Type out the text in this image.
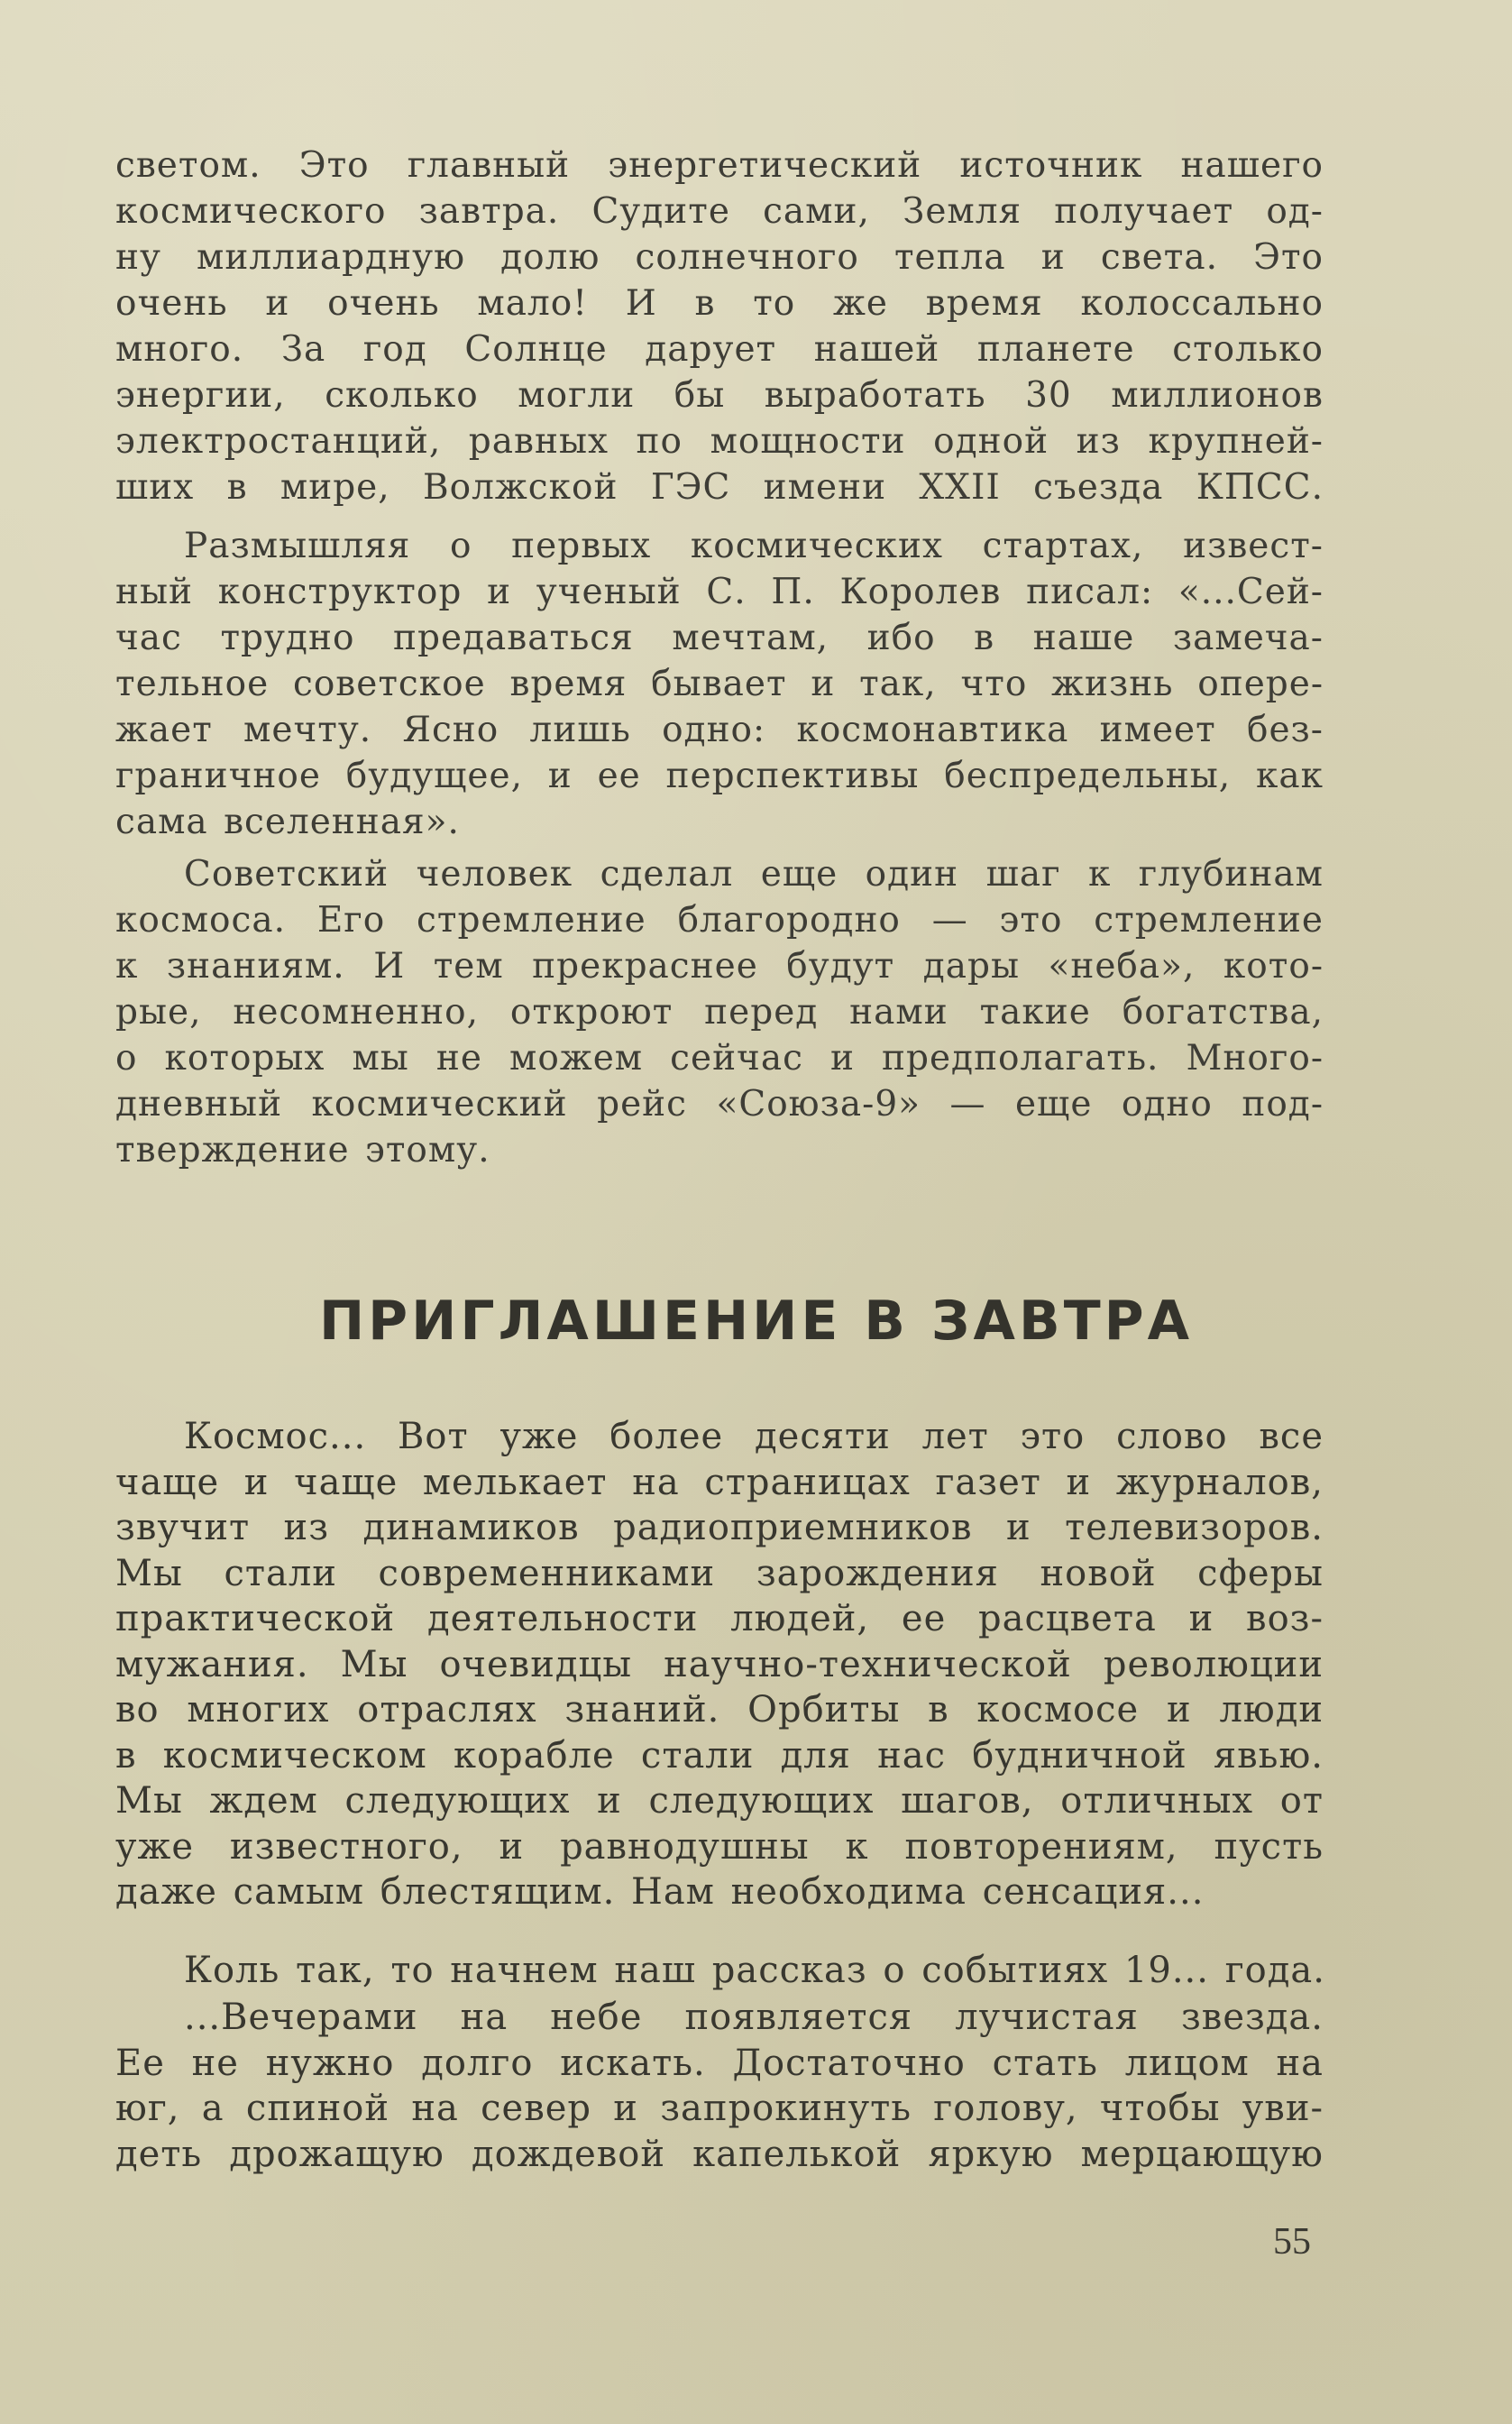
светом. Это главный энергетический источник нашего
космического завтра. Судите сами, Земля получает од-
ну миллиардную долю солнечного тепла и света. Это
очень и очень мало! И в то же время колоссально
много. За год Солнце дарует нашей планете столько
энергии, сколько могли бы выработать 30 миллионов
электростанций, равных по мощности одной из крупней-
ших в мире, Волжской ГЭС имени XXII съезда КПСС.
Размышляя о первых космических стартах, извест-
ный конструктор и ученый С. П. Королев писал: «...Сей-
час трудно предаваться мечтам, ибо в наше замеча-
тельное советское время бывает и так, что жизнь опере-
жает мечту. Ясно лишь одно: космонавтика имеет без-
граничное будущее, и ее перспективы беспредельны, как
сама вселенная».
Советский человек сделал еще один шаг к глубинам
космоса. Его стремление благородно — это стремление
к знаниям. И тем прекраснее будут дары «неба», кото-
рые, несомненно, откроют перед нами такие богатства,
о которых мы не можем сейчас и предполагать. Много-
дневный космический рейс «Союза-9» — еще одно под-
тверждение этому.
ПРИГЛАШЕНИЕ В ЗАВТРА
Космос... Вот уже более десяти лет это слово все
чаще и чаще мелькает на страницах газет и журналов,
звучит из динамиков радиоприемников и телевизоров.
Мы стали современниками зарождения новой сферы
практической деятельности людей, ее расцвета и воз-
мужания. Мы очевидцы научно-технической революции
во многих отраслях знаний. Орбиты в космосе и люди
в космическом корабле стали для нас будничной явью.
Мы ждем следующих и следующих шагов, отличных от
уже известного, и равнодушны к повторениям, пусть
даже самым блестящим. Нам необходима сенсация...
Коль так, то начнем наш рассказ о событиях 19... года.
...Вечерами на небе появляется лучистая звезда.
Ее не нужно долго искать. Достаточно стать лицом на
юг, а спиной на север и запрокинуть голову, чтобы уви-
деть дрожащую дождевой капелькой яркую мерцающую
55
